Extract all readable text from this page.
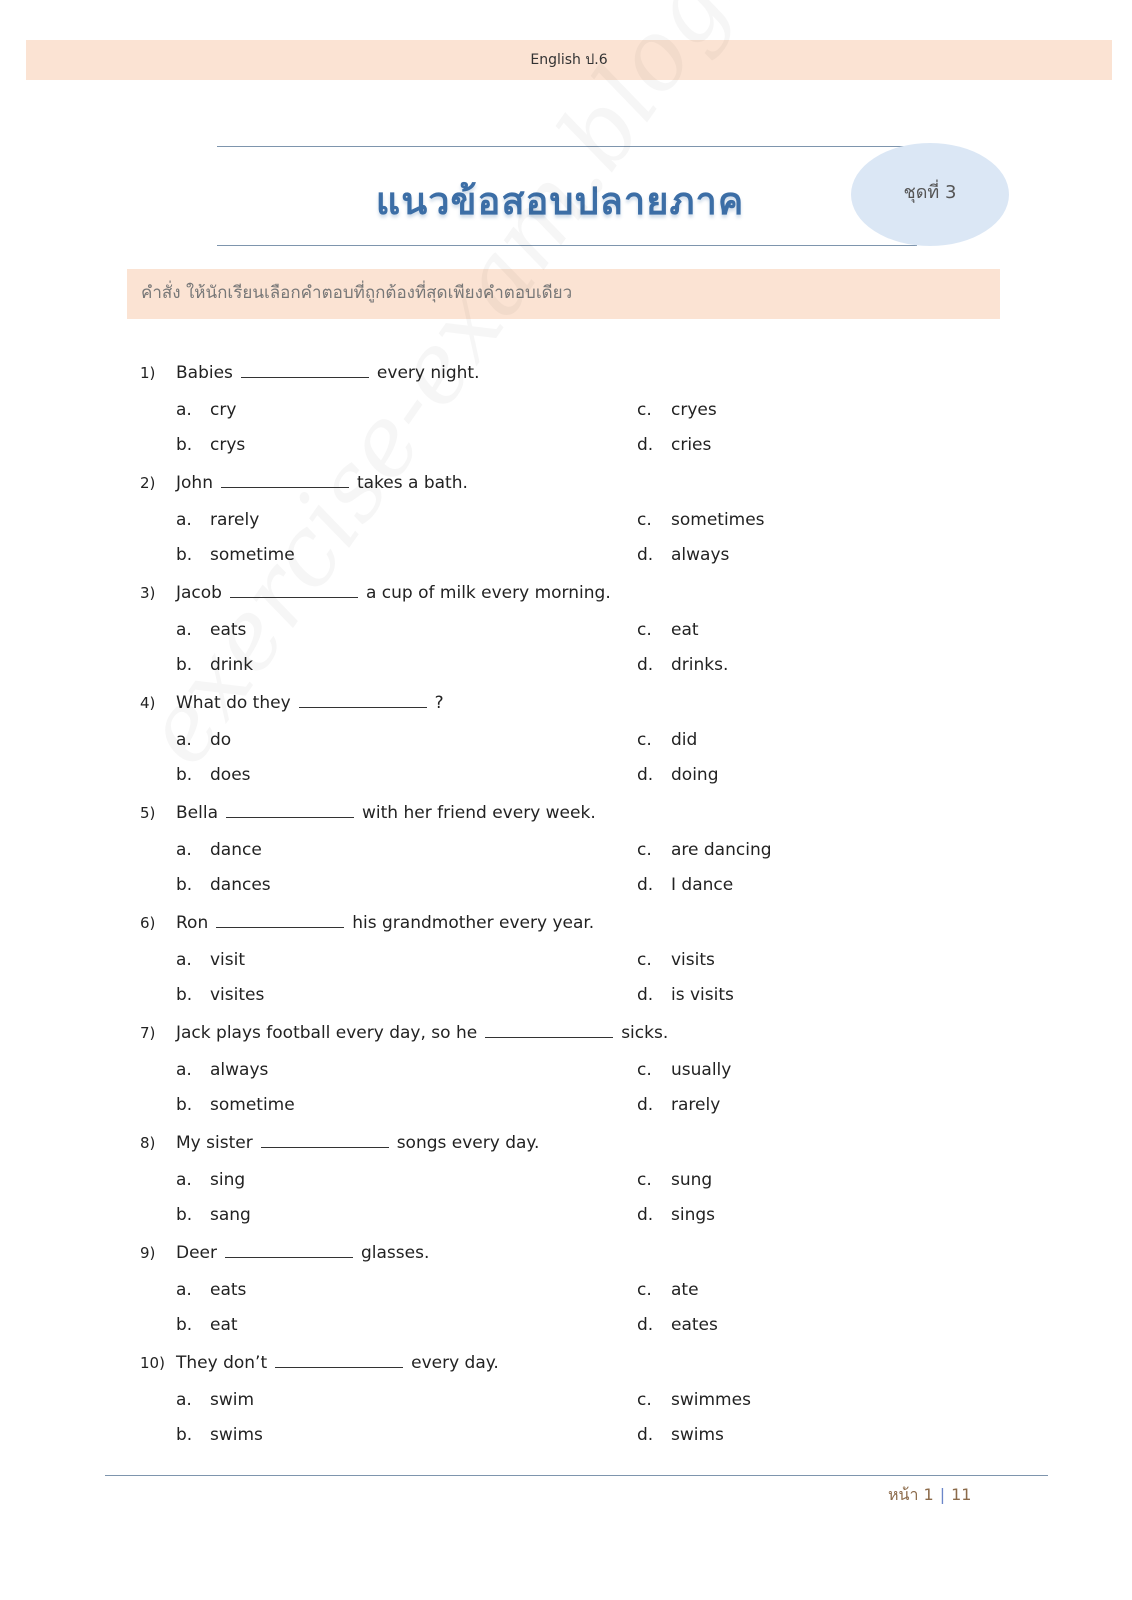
English ป.6
แนวข้อสอบปลายภาค	ชุดที่ 3
คำสั่ง ให้นักเรียนเลือกคำตอบที่ถูกต้องที่สุดเพียงคำตอบเดียว
1) Babies	every night.
a. cry
b. crys
c. cryes
d. cries
2) John	takes a bath.
a. rarely
b. sometime
c. sometimes
d. always
3) Jacob	a cup of milk every morning.
a. eats
b. drink
c. eat
d. drinks.
4) What do they	?
a. do
b. does
c. did
d. doing
5) Bella	with her friend every week.
a. dance
b. dances
c. are dancing
d. I dance
6) Ron	his grandmother every year.
a. visit
b. visites
c. visits
d. is visits
7) Jack plays football every day, so he	sicks.
a. always
b. sometime
c. usually
d. rarely
8) My sister	songs every day.
a. sing
b. sang
c. sung
d. sings
9) Deer	glasses.
a. eats
b. eat
c. ate
d. eates
10) They don’t	every day.
a. swim
b. swims
c. swimmes
d. swims
หน้า 1 | 11
